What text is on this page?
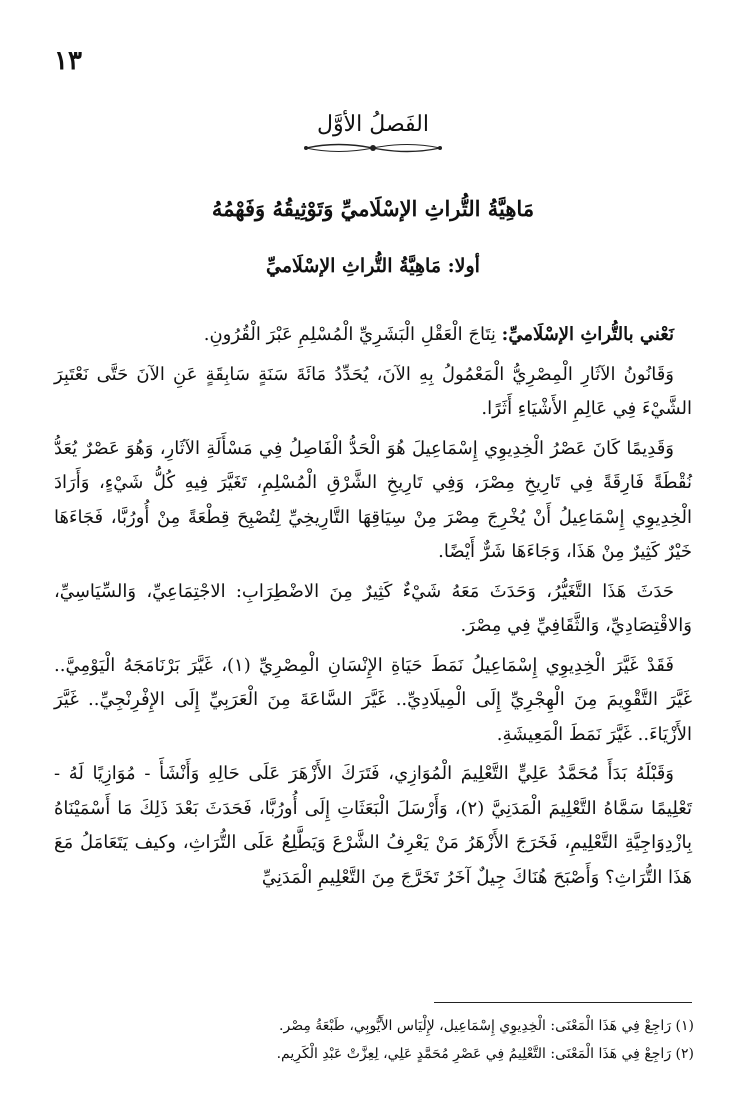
١٣
الفَصلُ الأوَّل
مَاهِيَّةُ التُّراثِ الإسْلَاميِّ وَتَوْثِيقُهُ وَفَهْمُهُ
أولا: مَاهِيَّةُ التُّراثِ الإسْلَاميِّ

نَعْني بالتُّراثِ الإسْلَاميِّ: نِتَاجَ الْعَقْلِ الْبَشَرِيِّ الْمُسْلِمِ عَبْرَ الْقُرُونِ.

وَقَانُونُ الآثَارِ الْمِصْرِيُّ الْمَعْمُولُ بِهِ الآنَ، يُحَدِّدُ مَائَةَ سَنَةٍ سَابِقَةٍ عَنِ الآنَ حَتَّى نَعْتَبِرَ الشَّيْءَ فِي عَالِمِ الأَشْيَاءِ أَثَرًا.

وَقَدِيمًا كَانَ عَصْرُ الْخِدِيوِي إِسْمَاعِيلَ هُوَ الْحَدُّ الْفَاصِلُ فِي مَسْأَلَةِ الآثَارِ، وَهُوَ عَصْرٌ يُعَدُّ نُقْطَةً فَارِقَةً فِي تَارِيخِ مِصْرَ، وَفِي تَارِيخِ الشَّرْقِ الْمُسْلِمِ، تَغَيَّرَ فِيهِ كُلُّ شَيْءٍ، وَأَرَادَ الْخِدِيوِي إِسْمَاعِيلُ أَنْ يُخْرِجَ مِصْرَ مِنْ سِيَاقِهَا التَّارِيخِيِّ لِتُصْبِحَ قِطْعَةً مِنْ أُورُبَّا، فَجَاءَهَا خَيْرٌ كَثِيرٌ مِنْ هَذَا، وَجَاءَهَا شَرٌّ أَيْضًا.

حَدَثَ هَذَا التَّغَيُّرُ، وَحَدَثَ مَعَهُ شَيْءٌ كَثِيرٌ مِنَ الاضْطِرَابِ: الاجْتِمَاعِيِّ، وَالسِّيَاسِيِّ، وَالاقْتِصَادِيِّ، وَالثَّقَافِيِّ فِي مِصْرَ.

فَقَدْ غَيَّرَ الْخِدِيوِي إِسْمَاعِيلُ نَمَطَ حَيَاةِ الإِنْسَانِ الْمِصْرِيِّ (١)، غَيَّرَ بَرْنَامَجَهُ الْيَوْمِيَّ.. غَيَّرَ التَّقْوِيمَ مِنَ الْهِجْرِيِّ إِلَى الْمِيلَادِيِّ.. غَيَّرَ السَّاعَةَ مِنَ الْعَرَبِيِّ إِلَى الإِفْرِنْجِيِّ.. غَيَّرَ الأَزْيَاءَ.. غَيَّرَ نَمَطَ الْمَعِيشَةِ.

وَقَبْلَهُ بَدَأَ مُحَمَّدُ عَلِيٍّ التَّعْلِيمَ الْمُوَازِي، فَتَرَكَ الأَزْهَرَ عَلَى حَالِهِ وَأَنْشَأَ - مُوَازِيًا لَهُ - تَعْلِيمًا سَمَّاهُ التَّعْلِيمَ الْمَدَنِيَّ (٢)، وَأَرْسَلَ الْبَعَثَاتِ إِلَى أُورُبَّا، فَحَدَثَ بَعْدَ ذَلِكَ مَا أَسْمَيْنَاهُ بِازْدِوَاجِيَّةِ التَّعْلِيمِ، فَخَرَجَ الأَزْهَرُ مَنْ يَعْرِفُ الشَّرْعَ وَيَطَّلِعُ عَلَى التُّرَاثِ، وكيف يَتَعَامَلُ مَعَ هَذَا التُّرَاثِ؟ وَأَصْبَحَ هُنَاكَ جِيلٌ آخَرُ تَخَرَّجَ مِنَ التَّعْلِيمِ الْمَدَنِيِّ

(١) رَاجِعْ فِي هَذَا الْمَعْنَى: الْخِدِيوِي إِسْمَاعِيل، لإِلْيَاس الأَيُّوبِي، طَبْعَةُ مِصْر.
(٢) رَاجِعْ فِي هَذَا الْمَعْنَى: التَّعْلِيمُ فِي عَصْرِ مُحَمَّدٍ عَلِي، لِعِزَّتْ عَبْدِ الْكَرِيم.
